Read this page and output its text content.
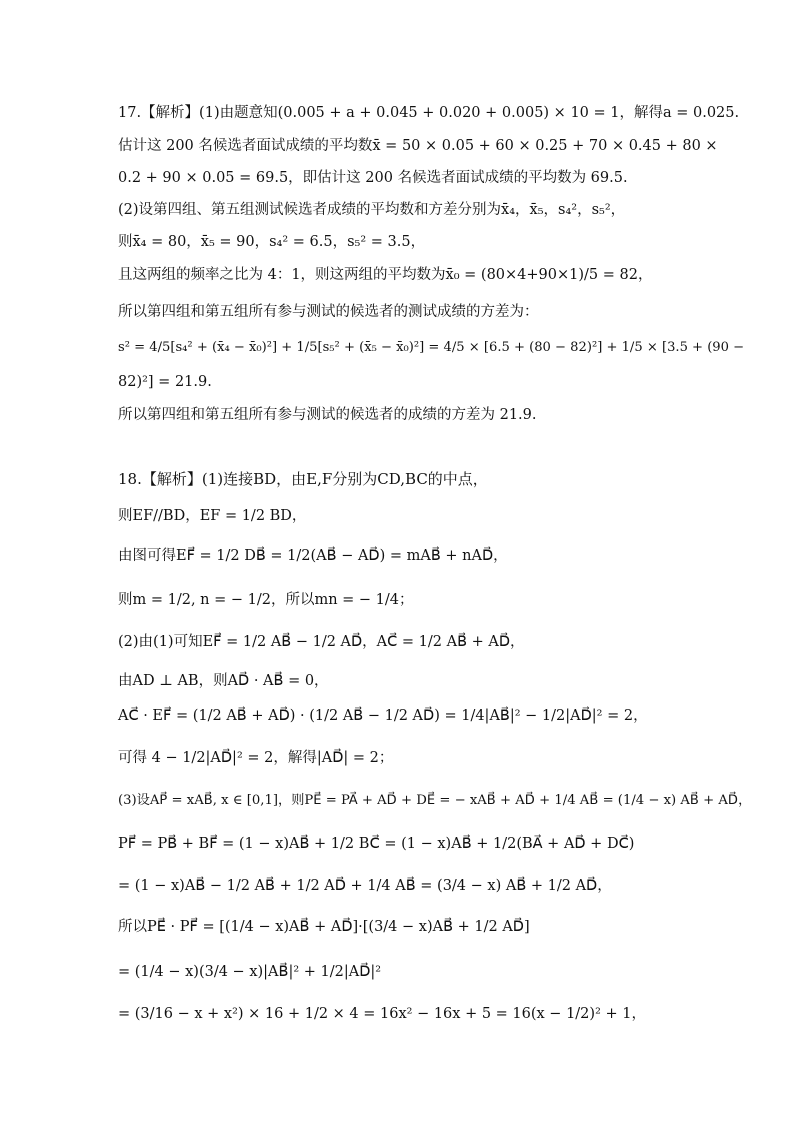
17.【解析】(1)由题意知(0.005 + a + 0.045 + 0.020 + 0.005) × 10 = 1，解得a = 0.025.
估计这 200 名候选者面试成绩的平均数x̄ = 50 × 0.05 + 60 × 0.25 + 70 × 0.45 + 80 ×
0.2 + 90 × 0.05 = 69.5，即估计这 200 名候选者面试成绩的平均数为 69.5.
(2)设第四组、第五组测试候选者成绩的平均数和方差分别为x̄₄，x̄₅，s₄²，s₅²，
则x̄₄ = 80，x̄₅ = 90，s₄² = 6.5，s₅² = 3.5，
且这两组的频率之比为 4：1，则这两组的平均数为x̄₀ = (80×4+90×1)/5 = 82，
所以第四组和第五组所有参与测试的候选者的测试成绩的方差为：
s² = 4/5[s₄² + (x̄₄ − x̄₀)²] + 1/5[s₅² + (x̄₅ − x̄₀)²] = 4/5 × [6.5 + (80 − 82)²] + 1/5 × [3.5 + (90 −
82)²] = 21.9.
所以第四组和第五组所有参与测试的候选者的成绩的方差为 21.9.
18.【解析】(1)连接BD，由E,F分别为CD,BC的中点，
则EF//BD，EF = 1/2 BD，
由图可得EF⃗ = 1/2 DB⃗ = 1/2(AB⃗ − AD⃗) = mAB⃗ + nAD⃗，
则m = 1/2, n = − 1/2，所以mn = − 1/4；
(2)由(1)可知EF⃗ = 1/2 AB⃗ − 1/2 AD⃗，AC⃗ = 1/2 AB⃗ + AD⃗，
由AD ⊥ AB，则AD⃗ · AB⃗ = 0，
AC⃗ · EF⃗ = (1/2 AB⃗ + AD⃗) · (1/2 AB⃗ − 1/2 AD⃗) = 1/4|AB⃗|² − 1/2|AD⃗|² = 2，
可得 4 − 1/2|AD⃗|² = 2，解得|AD⃗| = 2；
(3)设AP⃗ = xAB⃗, x ∈ [0,1]，则PE⃗ = PA⃗ + AD⃗ + DE⃗ = − xAB⃗ + AD⃗ + 1/4 AB⃗ = (1/4 − x) AB⃗ + AD⃗，
PF⃗ = PB⃗ + BF⃗ = (1 − x)AB⃗ + 1/2 BC⃗ = (1 − x)AB⃗ + 1/2(BA⃗ + AD⃗ + DC⃗)
= (1 − x)AB⃗ − 1/2 AB⃗ + 1/2 AD⃗ + 1/4 AB⃗ = (3/4 − x) AB⃗ + 1/2 AD⃗，
所以PE⃗ · PF⃗ = [(1/4 − x)AB⃗ + AD⃗]·[(3/4 − x)AB⃗ + 1/2 AD⃗]
= (1/4 − x)(3/4 − x)|AB⃗|² + 1/2|AD⃗|²
= (3/16 − x + x²) × 16 + 1/2 × 4 = 16x² − 16x + 5 = 16(x − 1/2)² + 1，
